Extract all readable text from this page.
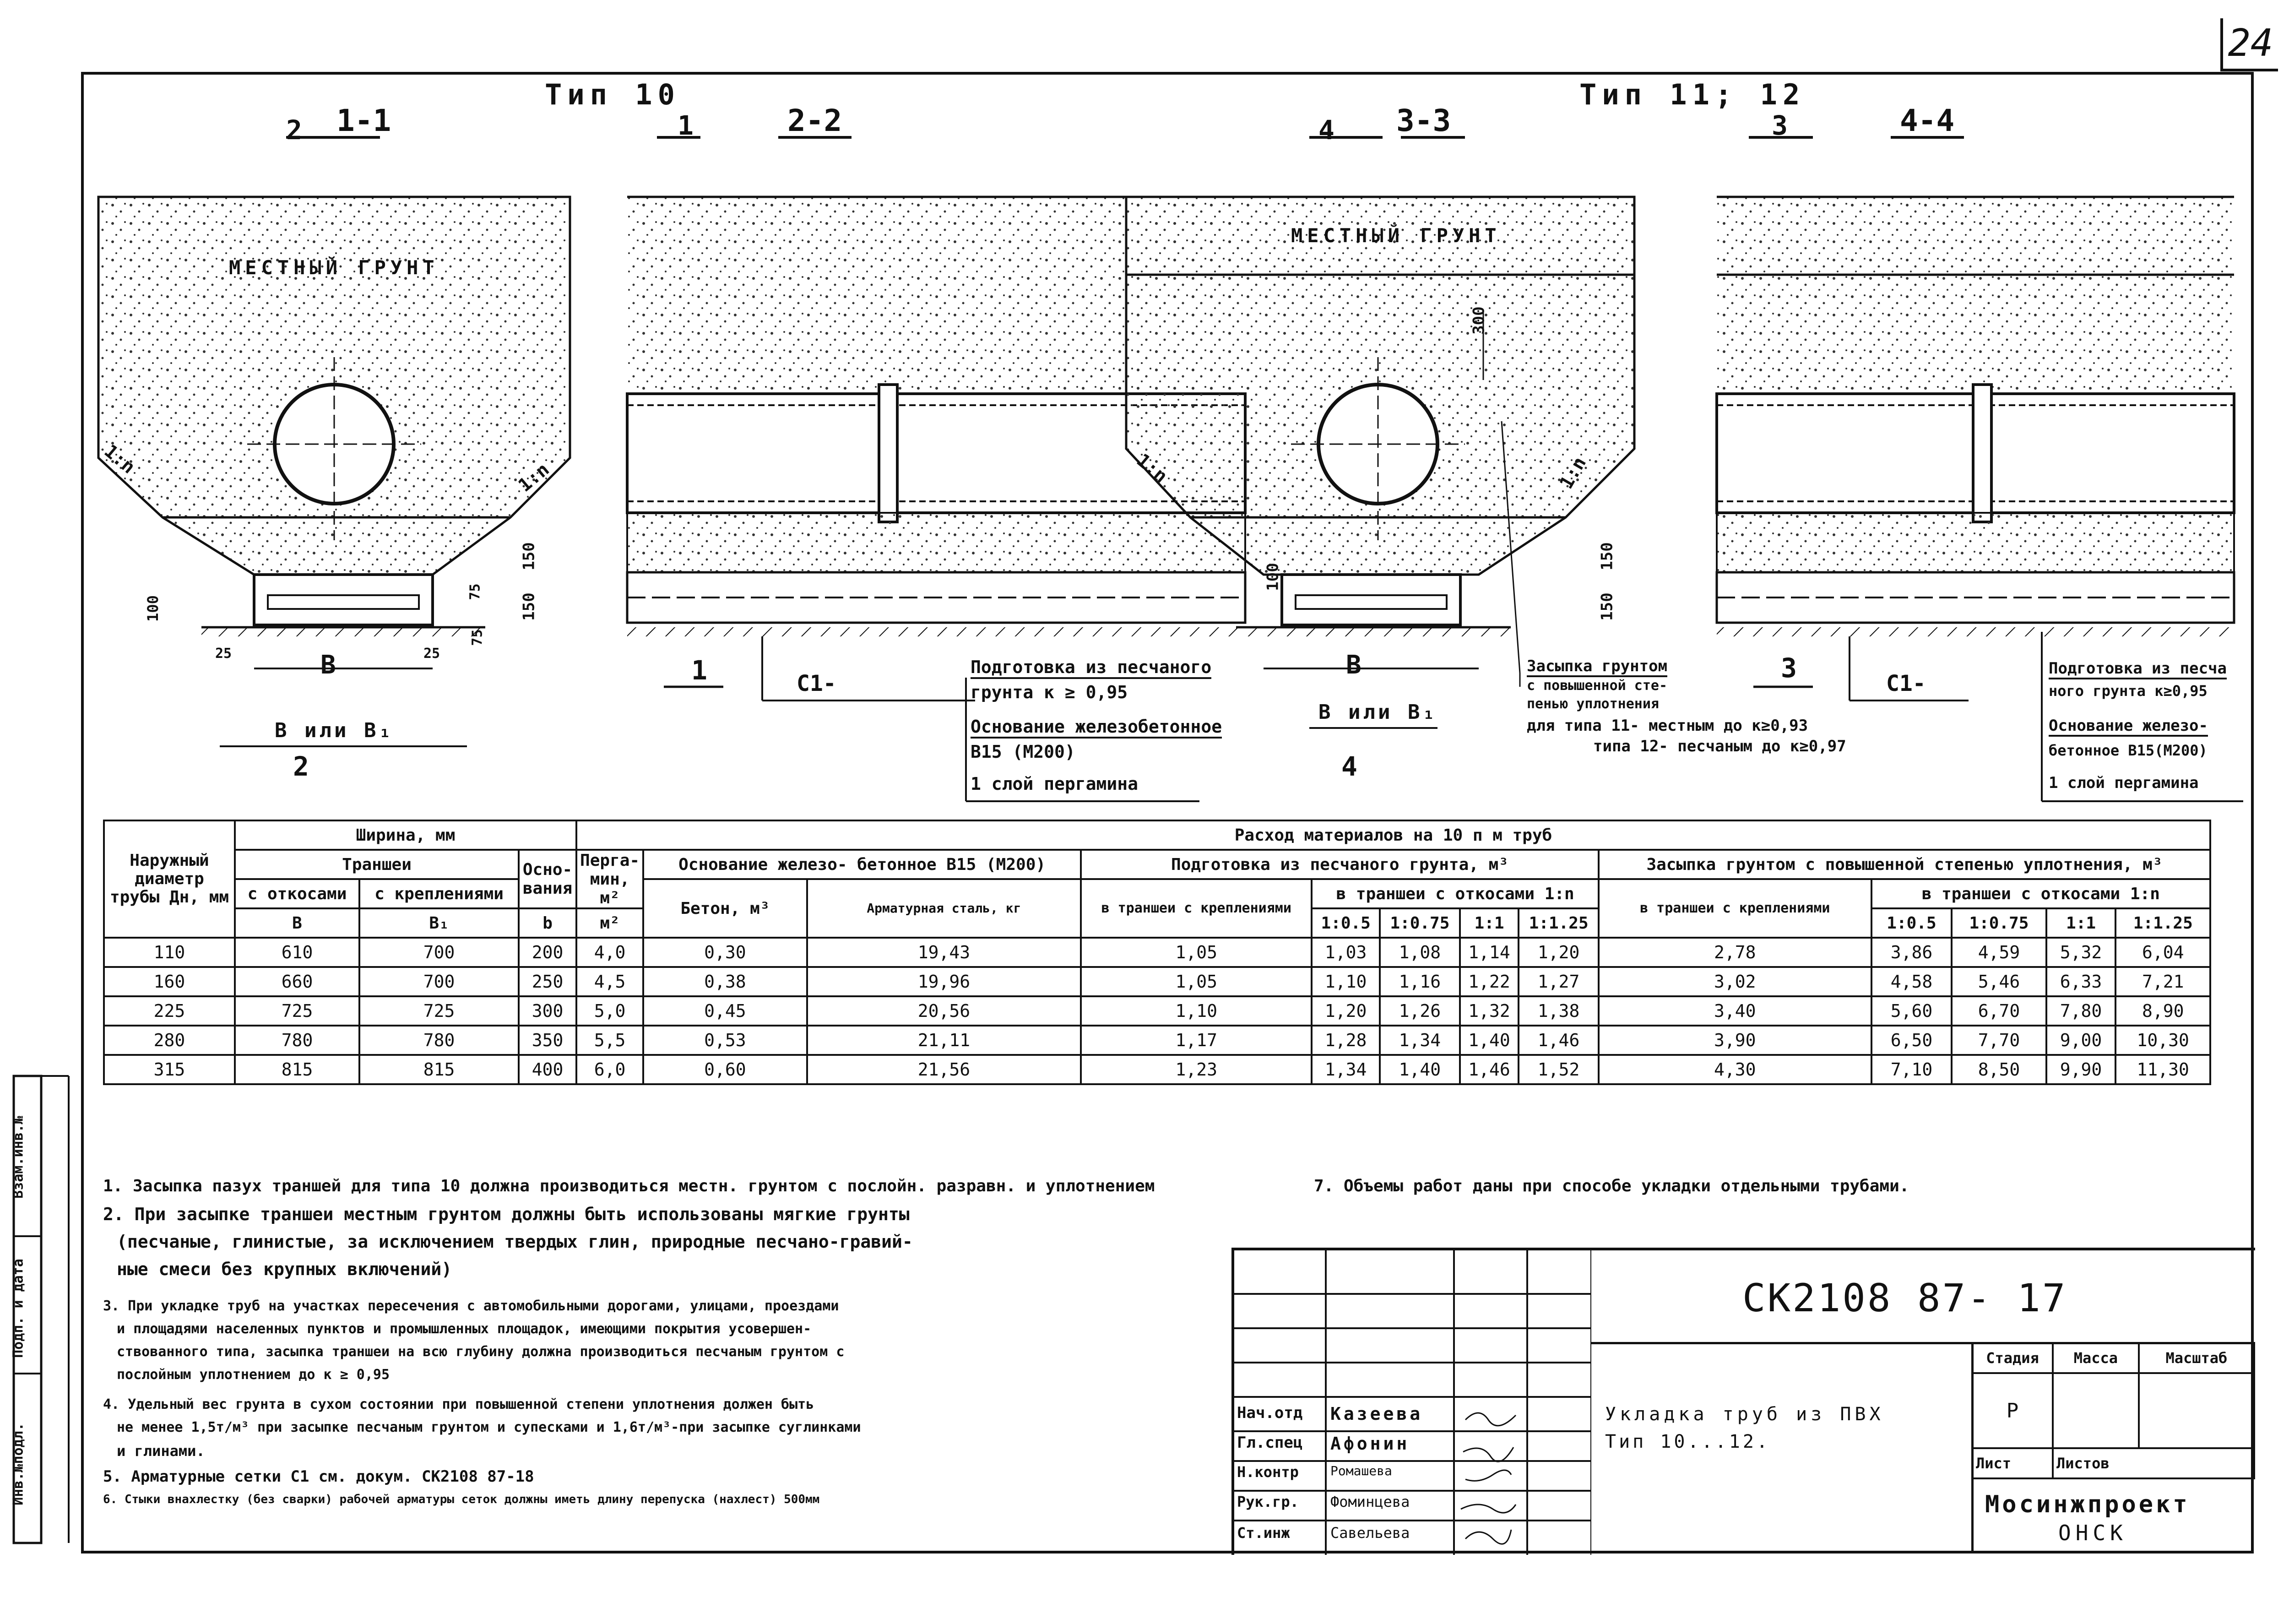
24
Тип 10	Тип 11; 12
1-1
2	2-2
1	3-3
4	4-4
3
МЕСТНЫЙ ГРУНТ
МЕСТНЫЙ ГРУНТ
1:n	1:n	1:n	1:n
150
150
75
75
100
25	25
B
B или B₁
2
1	C1-
Подготовка из песчаного
грунта к ≥ 0,95
Основание железобетонное
B15 (M200)
1 слой пергамина
100
300
150
150
B
B или B₁
4
Засыпка грунтом
с повышенной сте-
пенью уплотнения
для типа 11- местным до к≥0,93
типа 12- песчаным до к≥0,97
3	C1-
Подготовка из песча
ного грунта к≥0,95
Основание железо-
бетонное B15(M200)
1 слой пергамина
Наружный диаметр трубы Дн, мм	Ширина, мм			Расход материалов на 10 п м труб												
	Траншеи		Осно- вания	Перга- мин, м²	Основание железо- бетонное B15 (M200)		Подготовка из песчаного грунта, м³					Засыпка грунтом с повышенной степенью уплотнения, м³				
	с откосами	с креплениями			Бетон, м³	Арматурная сталь, кг	в траншеи с креплениями	в траншеи с откосами 1:n				в траншеи с креплениями	в траншеи с откосами 1:n			
	B	B₁	b	м²				1:0.5	1:0.75	1:1	1:1.25		1:0.5	1:0.75	1:1	1:1.25
110	610	700	200	4,0	0,30	19,43	1,05	1,03	1,08	1,14	1,20	2,78	3,86	4,59	5,32	6,04
160	660	700	250	4,5	0,38	19,96	1,05	1,10	1,16	1,22	1,27	3,02	4,58	5,46	6,33	7,21
225	725	725	300	5,0	0,45	20,56	1,10	1,20	1,26	1,32	1,38	3,40	5,60	6,70	7,80	8,90
280	780	780	350	5,5	0,53	21,11	1,17	1,28	1,34	1,40	1,46	3,90	6,50	7,70	9,00	10,30
315	815	815	400	6,0	0,60	21,56	1,23	1,34	1,40	1,46	1,52	4,30	7,10	8,50	9,90	11,30
1. Засыпка пазух траншей для типа 10 должна производиться местн. грунтом с послойн. разравн. и уплотнением	7. Объемы работ даны при способе укладки отдельными трубами.
2. При засыпке траншеи местным грунтом должны быть использованы мягкие грунты
(песчаные, глинистые, за исключением твердых глин, природные песчано-гравий-
ные смеси без крупных включений)
3. При укладке труб на участках пересечения с автомобильными дорогами, улицами, проездами
и площадями населенных пунктов и промышленных площадок, имеющими покрытия усовершен-
ствованного типа, засыпка траншеи на всю глубину должна производиться песчаным грунтом с
послойным уплотнением до к ≥ 0,95
4. Удельный вес грунта в сухом состоянии при повышенной степени уплотнения должен быть
не менее 1,5т/м³ при засыпке песчаным грунтом и супесками и 1,6т/м³-при засыпке суглинками
и глинами.
5. Арматурные сетки С1 см. докум. СК2108 87-18
6. Стыки внахлестку (без сварки) рабочей арматуры сеток должны иметь длину перепуска (нахлест) 500мм
Нач.отд Казеева
Гл.спец Афонин
Н.контр Ромашева
Рук.гр. Фоминцева
Ст.инж	Савельева
СК2108 87- 17
Укладка труб из ПВХ
Тип 10...12.
Стадия	Масса	Масштаб
Р		
Лист	Листов	
Мосинжпроект
ОНСК
Инв.№подл.
Подп. и дата
Взам.инв.№
